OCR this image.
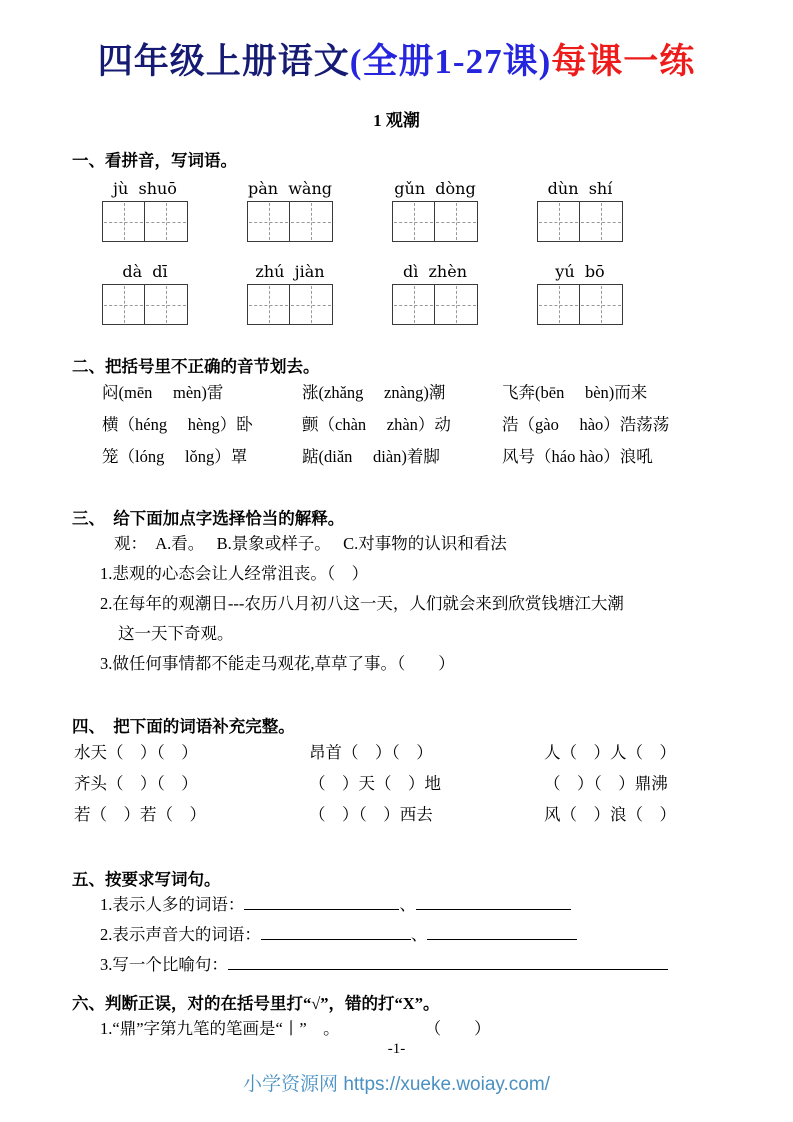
四年级上册语文(全册1-27课)每课一练
1 观潮
一、看拼音，写词语。
jù  shuō	pàn  wàng	gǔn  dòng	dùn  shí
dà  dī	zhú  jiàn	dì  zhèn	yú  bō
二、把括号里不正确的音节划去。
闷(mēn　 mèn)雷	涨(zhǎng　 znàng)潮	飞奔(bēn　 bèn)而来
横（héng　 hèng）卧	颤（chàn　 zhàn）动	浩（gào　 hào）浩荡荡
笼（lóng　 lǒng）罩	踮(diǎn　 diàn)着脚	风号（háo hào）浪吼
三、　给下面加点字选择恰当的解释。
观：　A.看。　 B.景象或样子。　 C.对事物的认识和看法
1.悲观的心态会让人经常沮丧。（　）
2.在每年的观潮日---农历八月初八这一天，人们就会来到欣赏钱塘江大潮
这一天下奇观。
3.做任何事情都不能走马观花,草草了事。（　　）
四、　把下面的词语补充完整。
水天（　）（　）	昂首（　）（　）	人（　）人（　）
齐头（　）（　）	（　）天（　）地	（　）（　）鼎沸
若（　）若（　）	（　）（　）西去	风（　）浪（　）
五、按要求写词句。
1.表示人多的词语：	、
2.表示声音大的词语：	、
3.写一个比喻句：
六、判断正误，对的在括号里打“√”，错的打“X”。
1.“鼎”字第九笔的笔画是“丨”　。	（　　）
-1-
小学资源网 https://xueke.woiay.com/
